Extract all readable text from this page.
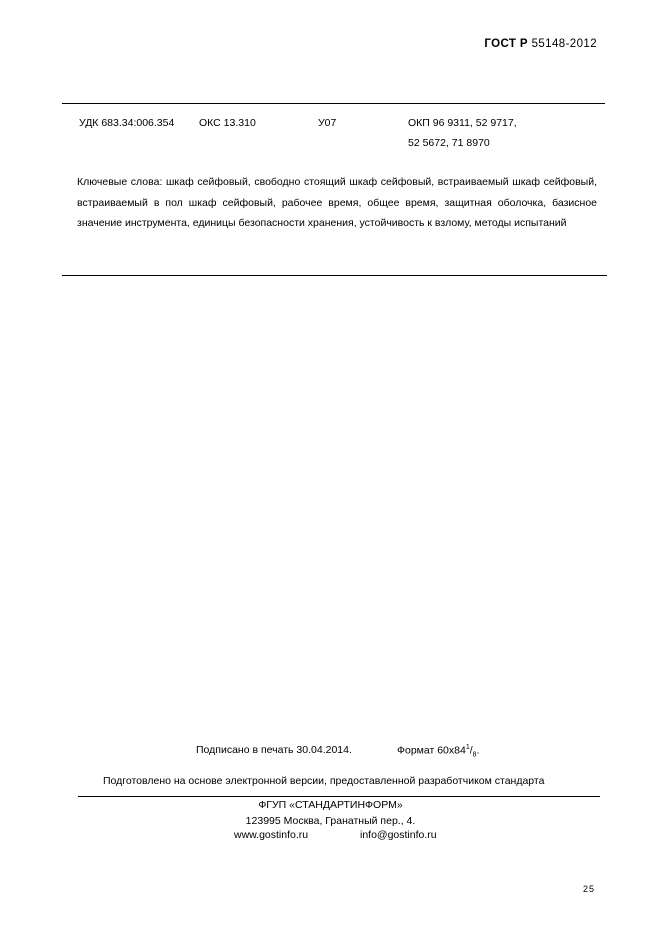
ГОСТ Р 55148-2012
УДК 683.34:006.354 ОКС 13.310	У07	ОКП 96 9311, 52 9717,
52 5672, 71 8970

Ключевые слова: шкаф сейфовый, свободно стоящий шкаф сейфовый, встраиваемый шкаф сейфовый, встраиваемый в пол шкаф сейфовый, рабочее время, общее время, защитная оболочка, базисное значение инструмента, единицы безопасности хранения, устойчивость к взлому, методы испытаний

Подписано в печать 30.04.2014.	Формат $60x84^1/_8$.
Подготовлено на основе электронной версии, предоставленной разработчиком стандарта
ФГУП «СТАНДАРТИНФОРМ»
123995 Москва, Гранатный пер., 4.
www.gostinfo.ru	info@gostinfo.ru
25
